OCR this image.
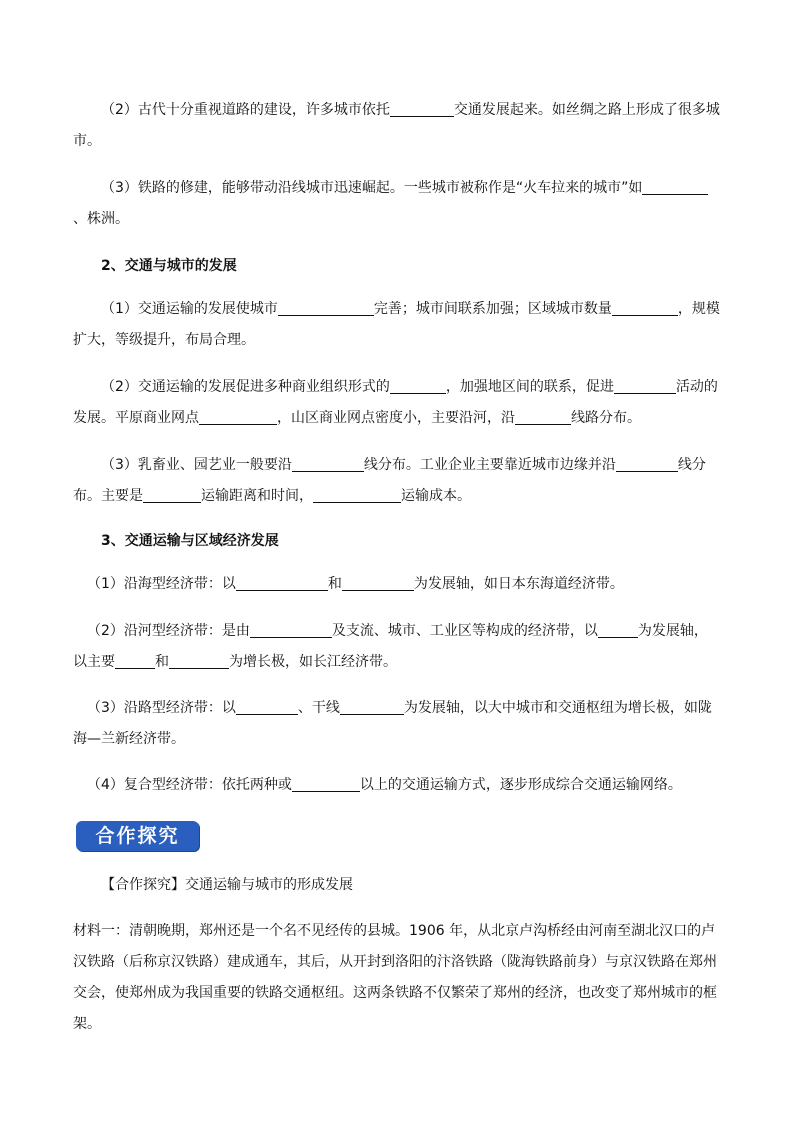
（2）古代十分重视道路的建设，许多城市依托	交通发展起来。如丝绸之路上形成了很多城市。

（3）铁路的修建，能够带动沿线城市迅速崛起。一些城市被称作是“火车拉来的城市”如、株洲。

2、交通与城市的发展

（1）交通运输的发展使城市	完善；城市间联系加强；区域城市数量	，规模扩大，等级提升，布局合理。

（2）交通运输的发展促进多种商业组织形式的	，加强地区间的联系，促进	活动的发展。平原商业网点	，山区商业网点密度小，主要沿河，沿	线路分布。

（3）乳畜业、园艺业一般要沿	线分布。工业企业主要靠近城市边缘并沿	线分布。主要是	运输距离和时间，	运输成本。

3、交通运输与区域经济发展

（1）沿海型经济带：以	和	为发展轴，如日本东海道经济带。

（2）沿河型经济带：是由	及支流、城市、工业区等构成的经济带，以	为发展轴，以主要	和	为增长极，如长江经济带。

（3）沿路型经济带：以	、干线	为发展轴，以大中城市和交通枢纽为增长极，如陇海—兰新经济带。

（4）复合型经济带：依托两种或	以上的交通运输方式，逐步形成综合交通运输网络。

合作探究

【合作探究】交通运输与城市的形成发展

材料一：清朝晚期，郑州还是一个名不见经传的县城。1906 年，从北京卢沟桥经由河南至湖北汉口的卢汉铁路（后称京汉铁路）建成通车，其后，从开封到洛阳的汴洛铁路（陇海铁路前身）与京汉铁路在郑州交会，使郑州成为我国重要的铁路交通枢纽。这两条铁路不仅繁荣了郑州的经济，也改变了郑州城市的框架。
